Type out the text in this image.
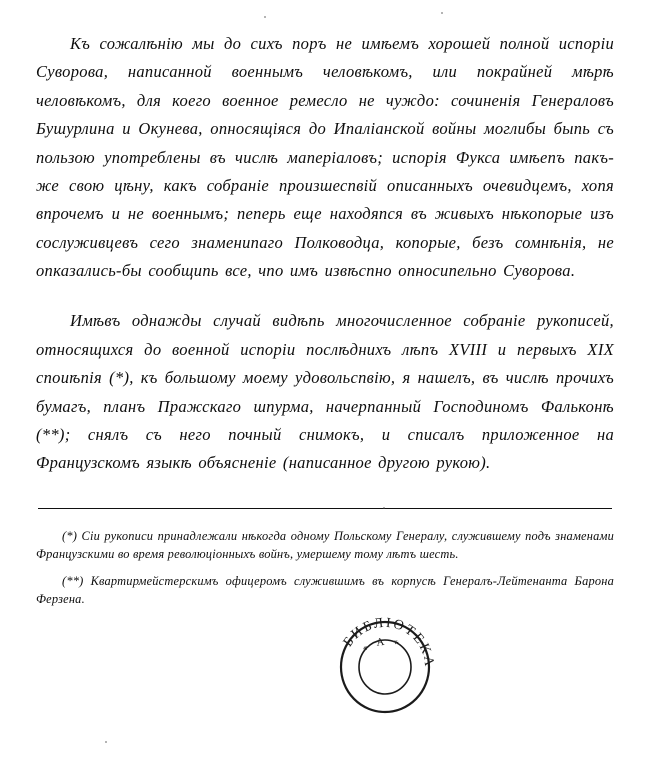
Къ сожалѣнію мы до сихъ поръ не имѣемъ хорошей полной испоріи Суворова, написанной военнымъ человѣкомъ, или покрайней мѣрѣ человѣкомъ, для коего военное ремесло не чуждо: сочиненія Генераловъ Бушурлина и Окунева, опносящіяся до Ипаліанской войны моглибы быпь съ пользою употреблены въ числѣ маперіаловъ; испорія Фукса имѣепъ пакъ-же свою цѣну, какъ собраніе произшеспвій описанныхъ очевидцемъ, хопя впрочемъ и не военнымъ; пеперь еще находяпся въ живыхъ нѣкопорые изъ сослуживцевъ сего знаменипаго Полководца, копорые, безъ сомнѣнія, не опказались-бы сообщипь все, чпо имъ извѣспно опносипельно Суворова.

Имѣвъ однажды случай видѣпь многочисленное собраніе рукописей, относящихся до военной испоріи послѣднихъ лѣпъ XVIII и первыхъ XIX споиѣпія (*), къ большому моему удовольспвію, я нашелъ, въ числѣ прочихъ бумагъ, планъ Пражскаго шпурма, начерпанный Господиномъ Фальконѣ (**); снялъ съ него почный снимокъ, и списалъ приложенное на Французскомъ языкѣ объясненіе (написанное другою рукою).

(*) Сіи рукописи принадлежали нѣкогда одному Польскому Генералу, служившему подъ знаменами Французскими во время революціонныхъ войнъ, умершему тому лѣтъ шесть.

(**) Квартирмейстерскимъ офицеромъ служившимъ въ корпусѣ Генералъ-Лейтенанта Барона Ферзена.

БИБЛІОТЕКА
* А *
